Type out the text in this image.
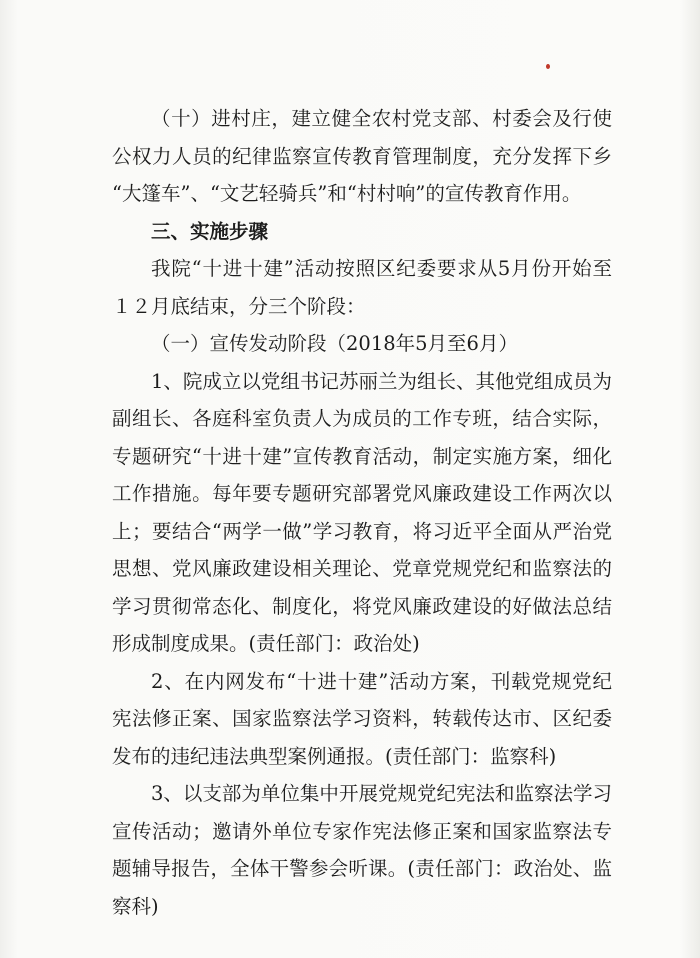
（十）进村庄，建立健全农村党支部、村委会及行使公权力人员的纪律监察宣传教育管理制度，充分发挥下乡 “大篷车”、“文艺轻骑兵”和“村村响”的宣传教育作用。

三、实施步骤

我院“十进十建”活动按照区纪委要求从5月份开始至１２月底结束，分三个阶段：

（一）宣传发动阶段（2018年5月至6月）

1、院成立以党组书记苏丽兰为组长、其他党组成员为副组长、各庭科室负责人为成员的工作专班，结合实际，专题研究“十进十建”宣传教育活动，制定实施方案，细化工作措施。每年要专题研究部署党风廉政建设工作两次以上；要结合“两学一做”学习教育，将习近平全面从严治党思想、党风廉政建设相关理论、党章党规党纪和监察法的学习贯彻常态化、制度化，将党风廉政建设的好做法总结形成制度成果。(责任部门：政治处)

2、在内网发布“十进十建”活动方案，刊载党规党纪宪法修正案、国家监察法学习资料，转载传达市、区纪委发布的违纪违法典型案例通报。(责任部门：监察科)

3、以支部为单位集中开展党规党纪宪法和监察法学习宣传活动；邀请外单位专家作宪法修正案和国家监察法专题辅导报告，全体干警参会听课。(责任部门：政治处、监察科)
